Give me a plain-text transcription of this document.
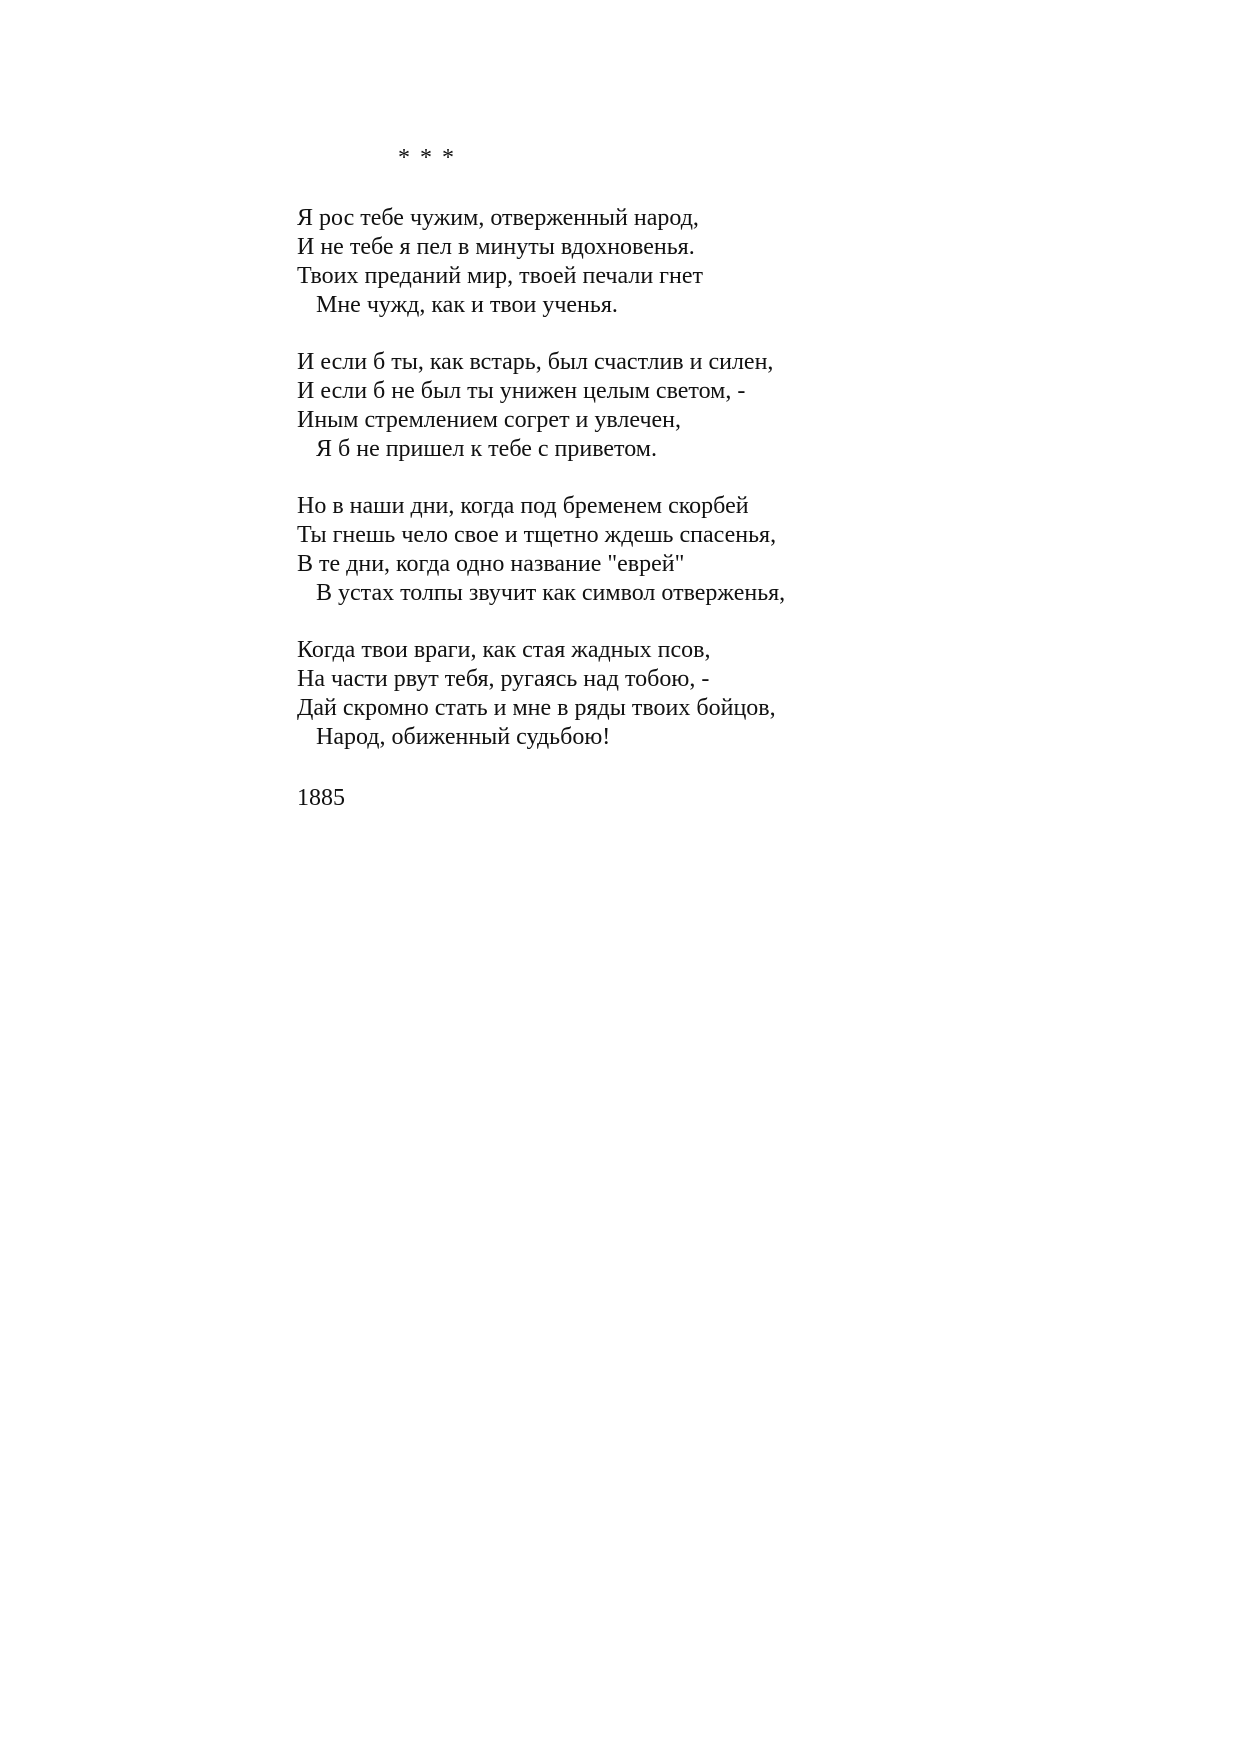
* * *
Я рос тебе чужим, отверженный народ,
И не тебе я пел в минуты вдохновенья.
Твоих преданий мир, твоей печали гнет
Мне чужд, как и твои ученья.
И если б ты, как встарь, был счастлив и силен,
И если б не был ты унижен целым светом, -
Иным стремлением согрет и увлечен,
Я б не пришел к тебе с приветом.
Но в наши дни, когда под бременем скорбей
Ты гнешь чело свое и тщетно ждешь спасенья,
В те дни, когда одно название "еврей"
В устах толпы звучит как символ отверженья,
Когда твои враги, как стая жадных псов,
На части рвут тебя, ругаясь над тобою, -
Дай скромно стать и мне в ряды твоих бойцов,
Народ, обиженный судьбою!
1885
